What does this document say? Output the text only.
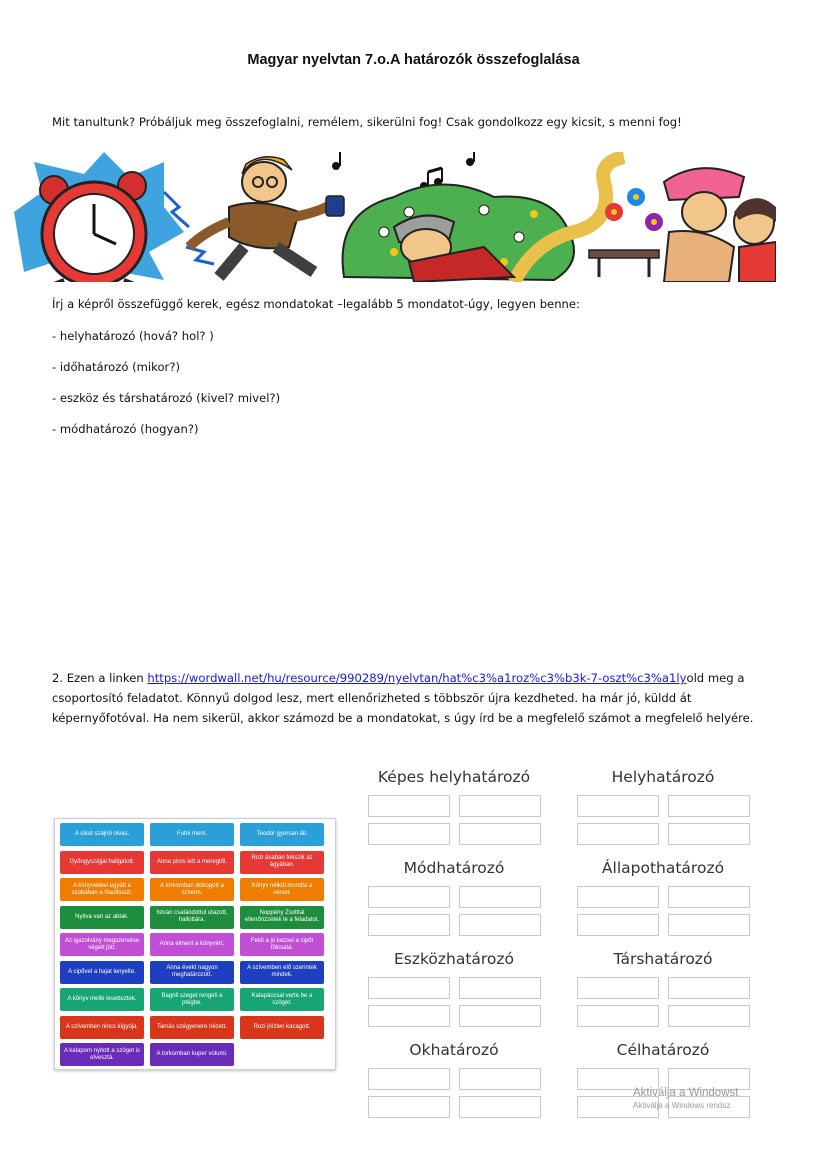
Magyar nyelvtan 7.o.A határozók összefoglalása
Mit tanultunk? Próbáljuk meg összefoglalni, remélem, sikerülni fog! Csak gondolkozz egy kicsit, s menni fog!
Írj a képről összefüggő kerek, egész mondatokat –legalább 5 mondatot-úgy, legyen benne:
- helyhatározó (hová? hol? )
- időhatározó (mikor?)
- eszköz és társhatározó (kivel? mivel?)
- módhatározó (hogyan?)
2. Ezen a linken https://wordwall.net/hu/resource/990289/nyelvtan/hat%c3%a1roz%c3%b3k-7-oszt%c3%a1lyold meg a csoportosító feladatot. Könnyű dolgod lesz, mert ellenőrizheted s többször újra kezdheted. ha már jó, küldd át képernyőfotóval. Ha nem sikerül, akkor számozd be a mondatokat, s úgy írd be a megfelelő számot a megfelelő helyére.
A síkot szájról olvas.	Futni ment.	Teodor gyorsan áll.
Gyöngyszájjal hallgatott.	Anna piros lett a meregtől.
Rozi ásaban fekszik az ágyában.
A könyvekkel együtt a szobában a Nautiluszt.
A torkomban dobogott a szívem.
Könyv nélkül mondta a verset.
Nyitva van az ablak.
István csaláódottul utazott, hallottára.
Noppény Zsolttal ellenőrizzetek le a feladatot.
Az igazolvány megszervése végett jött.
Anna elment a könyvért.
Feldi a jó kezsel a cipőt fölcsata.
A cipővel a hajat lenyelte.
Anna évekt nagyon meghatározott.
A szívemben elő szerintek mindek.
A könyv mellé lesetteztek.
Bagoll szeget rengeti a ptégbe.
Kalapáccsal verte be a szöget.
A szívemben nincs kígyója.	Tamás szégyenere nézett.	Rozi jóízlen kacagott.
A kalapom nyitott a szöget is elvesztá.
A torkomban kuper volumi.
Képes helyhatározó	Helyhatározó
Módhatározó	Állapothatározó
Eszközhatározó	Társhatározó
Okhatározó	Célhatározó
Aktiválja a Windowst
Aktiválja a Windows rendsz
